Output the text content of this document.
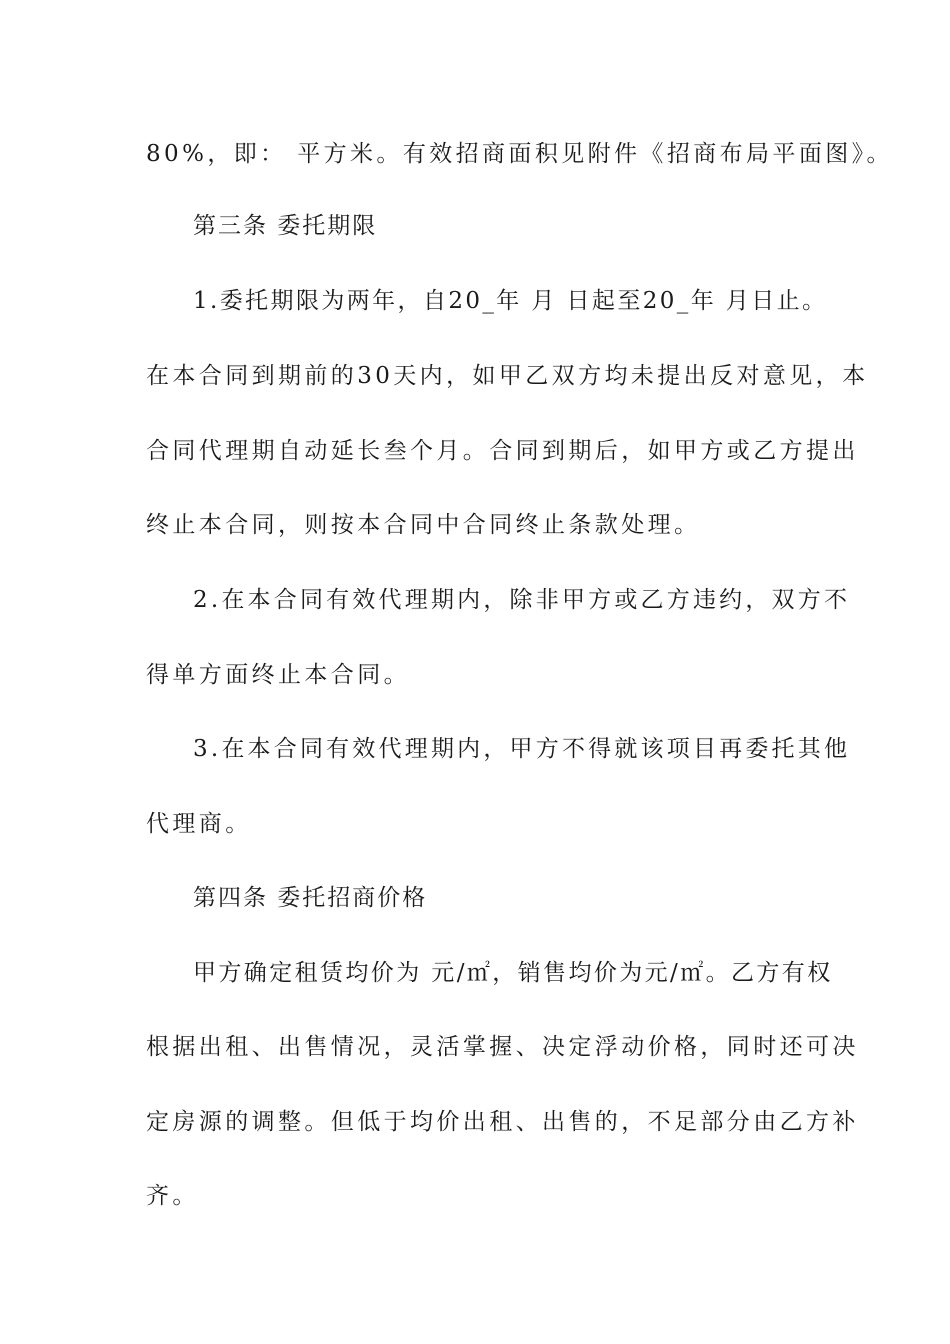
80%，即： 平方米。有效招商面积见附件《招商布局平面图》。
第三条 委托期限
1.委托期限为两年，自20_年 月 日起至20_年 月日止。
在本合同到期前的30天内，如甲乙双方均未提出反对意见，本
合同代理期自动延长叁个月。合同到期后，如甲方或乙方提出
终止本合同，则按本合同中合同终止条款处理。
2.在本合同有效代理期内，除非甲方或乙方违约，双方不
得单方面终止本合同。
3.在本合同有效代理期内，甲方不得就该项目再委托其他
代理商。
第四条 委托招商价格
甲方确定租赁均价为 元/㎡，销售均价为元/㎡。乙方有权
根据出租、出售情况，灵活掌握、决定浮动价格，同时还可决
定房源的调整。但低于均价出租、出售的，不足部分由乙方补
齐。
